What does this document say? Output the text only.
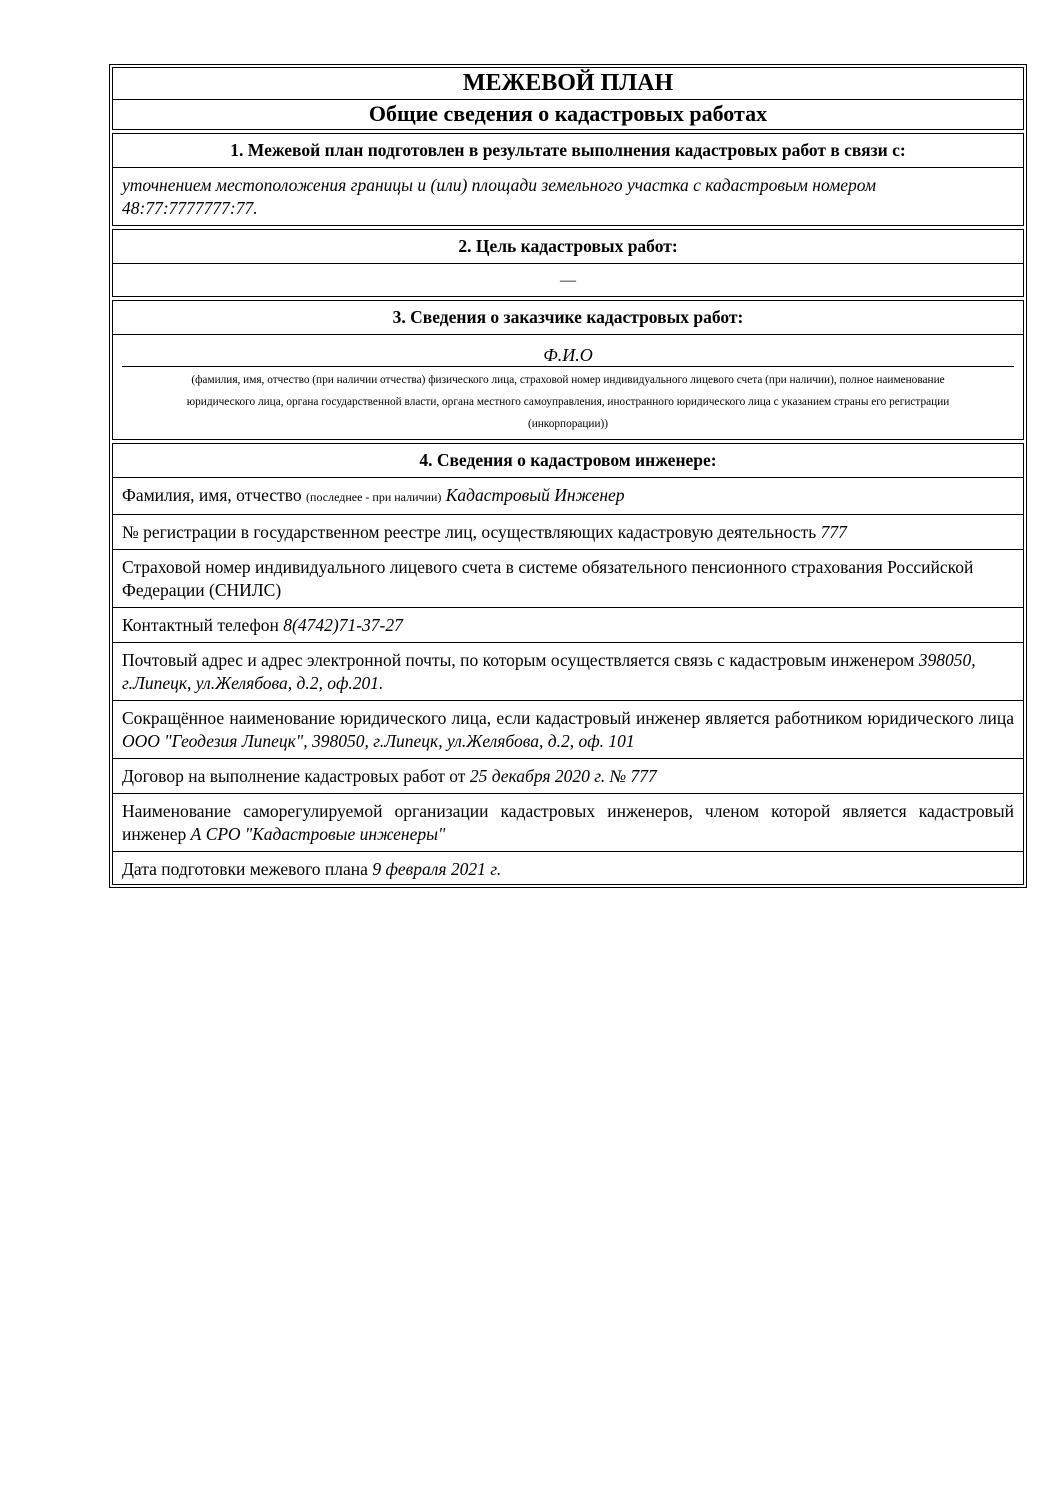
МЕЖЕВОЙ ПЛАН
Общие сведения о кадастровых работах
1. Межевой план подготовлен в результате выполнения кадастровых работ в связи с:
уточнением местоположения границы и (или) площади земельного участка с кадастровым номером 48:77:7777777:77.
2. Цель кадастровых работ:
—
3. Сведения о заказчике кадастровых работ:
Ф.И.О
(фамилия, имя, отчество (при наличии отчества) физического лица, страховой номер индивидуального лицевого счета (при наличии), полное наименование
юридического лица, органа государственной власти, органа местного самоуправления, иностранного юридического лица с указанием страны его регистрации
(инкорпорации))
4. Сведения о кадастровом инженере:
Фамилия, имя, отчество (последнее - при наличии) Кадастровый Инженер
№ регистрации в государственном реестре лиц, осуществляющих кадастровую деятельность 777
Страховой номер индивидуального лицевого счета в системе обязательного пенсионного страхования Российской Федерации (СНИЛС)
Контактный телефон 8(4742)71-37-27
Почтовый адрес и адрес электронной почты, по которым осуществляется связь с кадастровым инженером 398050, г.Липецк, ул.Желябова, д.2, оф.201.
Сокращённое наименование юридического лица, если кадастровый инженер является работником юридического лица ООО "Геодезия Липецк", 398050, г.Липецк, ул.Желябова, д.2, оф. 101
Договор на выполнение кадастровых работ от 25 декабря 2020 г. № 777
Наименование саморегулируемой организации кадастровых инженеров, членом которой является кадастровый инженер А СРО "Кадастровые инженеры"
Дата подготовки межевого плана 9 февраля 2021 г.
